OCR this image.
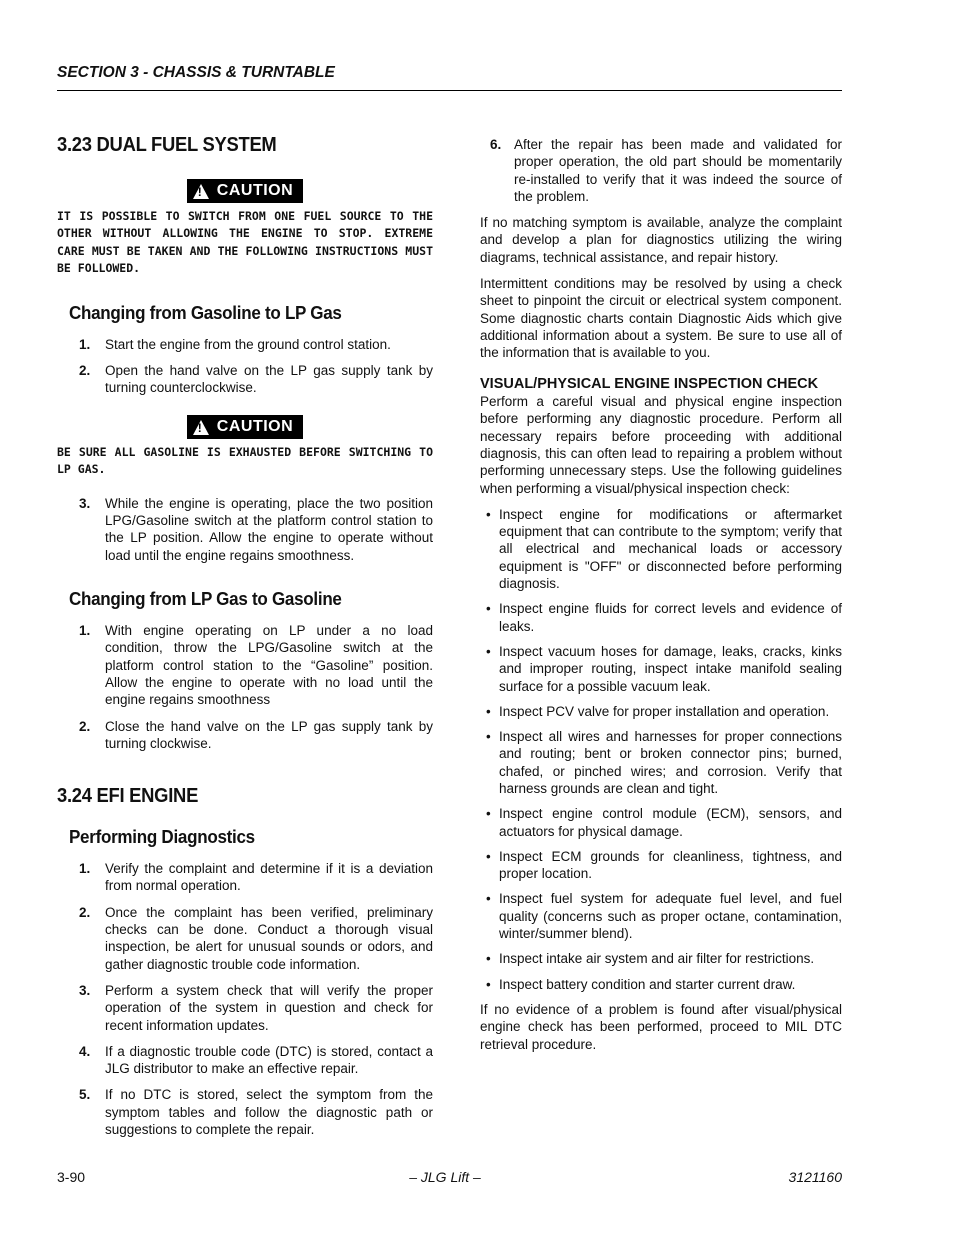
SECTION 3 - CHASSIS & TURNTABLE
3.23 DUAL FUEL SYSTEM
!
CAUTION
IT IS POSSIBLE TO SWITCH FROM ONE FUEL SOURCE TO THE OTHER WITHOUT ALLOWING THE ENGINE TO STOP. EXTREME CARE MUST BE TAKEN AND THE FOLLOWING INSTRUCTIONS MUST BE FOLLOWED.
Changing from Gasoline to LP Gas
1. Start the engine from the ground control station.
2. Open the hand valve on the LP gas supply tank by turning counterclockwise.
!
CAUTION
BE SURE ALL GASOLINE IS EXHAUSTED BEFORE SWITCHING TO LP GAS.
3. While the engine is operating, place the two position LPG/Gasoline switch at the platform control station to the LP position. Allow the engine to operate without load until the engine regains smoothness.
Changing from LP Gas to Gasoline
1. With engine operating on LP under a no load condition, throw the LPG/Gasoline switch at the platform control station to the “Gasoline” position. Allow the engine to operate with no load until the engine regains smoothness
2. Close the hand valve on the LP gas supply tank by turning clockwise.
3.24 EFI ENGINE
Performing Diagnostics
1. Verify the complaint and determine if it is a deviation from normal operation.
2. Once the complaint has been verified, preliminary checks can be done. Conduct a thorough visual inspection, be alert for unusual sounds or odors, and gather diagnostic trouble code information.
3. Perform a system check that will verify the proper operation of the system in question and check for recent information updates.
4. If a diagnostic trouble code (DTC) is stored, contact a JLG distributor to make an effective repair.
5. If no DTC is stored, select the symptom from the symptom tables and follow the diagnostic path or suggestions to complete the repair.
6. After the repair has been made and validated for proper operation, the old part should be momentarily re-installed to verify that it was indeed the source of the problem.

If no matching symptom is available, analyze the complaint and develop a plan for diagnostics utilizing the wiring diagrams, technical assistance, and repair history.

Intermittent conditions may be resolved by using a check sheet to pinpoint the circuit or electrical system component. Some diagnostic charts contain Diagnostic Aids which give additional information about a system. Be sure to use all of the information that is available to you.

VISUAL/PHYSICAL ENGINE INSPECTION CHECK

Perform a careful visual and physical engine inspection before performing any diagnostic procedure. Perform all necessary repairs before proceeding with additional diagnosis, this can often lead to repairing a problem without performing unnecessary steps. Use the following guidelines when performing a visual/physical inspection check:

• Inspect engine for modifications or aftermarket equipment that can contribute to the symptom; verify that all electrical and mechanical loads or accessory equipment is "OFF" or disconnected before performing diagnosis.
• Inspect engine fluids for correct levels and evidence of leaks.
• Inspect vacuum hoses for damage, leaks, cracks, kinks and improper routing, inspect intake manifold sealing surface for a possible vacuum leak.
• Inspect PCV valve for proper installation and operation.
• Inspect all wires and harnesses for proper connections and routing; bent or broken connector pins; burned, chafed, or pinched wires; and corrosion. Verify that harness grounds are clean and tight.
• Inspect engine control module (ECM), sensors, and actuators for physical damage.
• Inspect ECM grounds for cleanliness, tightness, and proper location.
• Inspect fuel system for adequate fuel level, and fuel quality (concerns such as proper octane, contamination, winter/summer blend).
• Inspect intake air system and air filter for restrictions.
• Inspect battery condition and starter current draw.

If no evidence of a problem is found after visual/physical engine check has been performed, proceed to MIL DTC retrieval procedure.

3-90	– JLG Lift –	3121160
